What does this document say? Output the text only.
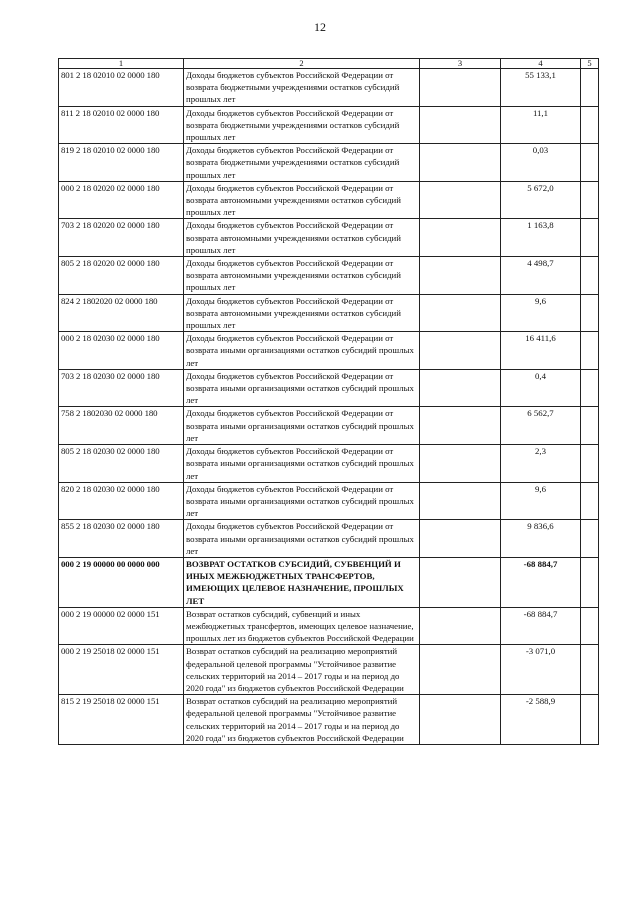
12
1	2	3	4	5
801 2 18 02010 02 0000 180	Доходы бюджетов субъектов Российской Федерации от возврата бюджетными учреждениями остатков субсидий прошлых лет		55 133,1	
811 2 18 02010 02 0000 180	Доходы бюджетов субъектов Российской Федерации от возврата бюджетными учреждениями остатков субсидий прошлых лет		11,1	
819 2 18 02010 02 0000 180	Доходы бюджетов субъектов Российской Федерации от возврата бюджетными учреждениями остатков субсидий прошлых лет		0,03	
000 2 18 02020 02 0000 180	Доходы бюджетов субъектов Российской Федерации от возврата автономными учреждениями остатков субсидий прошлых лет		5 672,0	
703 2 18 02020 02 0000 180	Доходы бюджетов субъектов Российской Федерации от возврата автономными учреждениями остатков субсидий прошлых лет		1 163,8	
805 2 18 02020 02 0000 180	Доходы бюджетов субъектов Российской Федерации от возврата автономными учреждениями остатков субсидий прошлых лет		4 498,7	
824 2 1802020 02 0000 180	Доходы бюджетов субъектов Российской Федерации от возврата автономными учреждениями остатков субсидий прошлых лет		9,6	
000 2 18 02030 02 0000 180	Доходы бюджетов субъектов Российской Федерации от возврата иными организациями остатков субсидий прошлых лет		16 411,6	
703 2 18 02030 02 0000 180	Доходы бюджетов субъектов Российской Федерации от возврата иными организациями остатков субсидий прошлых лет		0,4	
758 2 1802030 02 0000 180	Доходы бюджетов субъектов Российской Федерации от возврата иными организациями остатков субсидий прошлых лет		6 562,7	
805 2 18 02030 02 0000 180	Доходы бюджетов субъектов Российской Федерации от возврата иными организациями остатков субсидий прошлых лет		2,3	
820 2 18 02030 02 0000 180	Доходы бюджетов субъектов Российской Федерации от возврата иными организациями остатков субсидий прошлых лет		9,6	
855 2 18 02030 02 0000 180	Доходы бюджетов субъектов Российской Федерации от возврата иными организациями остатков субсидий прошлых лет		9 836,6	
000 2 19 00000 00 0000 000	ВОЗВРАТ ОСТАТКОВ СУБСИДИЙ, СУБВЕНЦИЙ И ИНЫХ МЕЖБЮДЖЕТНЫХ ТРАНСФЕРТОВ, ИМЕЮЩИХ ЦЕЛЕВОЕ НАЗНАЧЕНИЕ, ПРОШЛЫХ ЛЕТ		-68 884,7	
000 2 19 00000 02 0000 151	Возврат остатков субсидий, субвенций и иных межбюджетных трансфертов, имеющих целевое назначение, прошлых лет из бюджетов субъектов Российской Федерации		-68 884,7	
000 2 19 25018 02 0000 151	Возврат остатков субсидий на реализацию мероприятий федеральной целевой программы "Устойчивое развитие сельских территорий на 2014 – 2017 годы и на период до 2020 года" из бюджетов субъектов Российской Федерации		-3 071,0	
815 2 19 25018 02 0000 151	Возврат остатков субсидий на реализацию мероприятий федеральной целевой программы "Устойчивое развитие сельских территорий на 2014 – 2017 годы и на период до 2020 года" из бюджетов субъектов Российской Федерации		-2 588,9	
